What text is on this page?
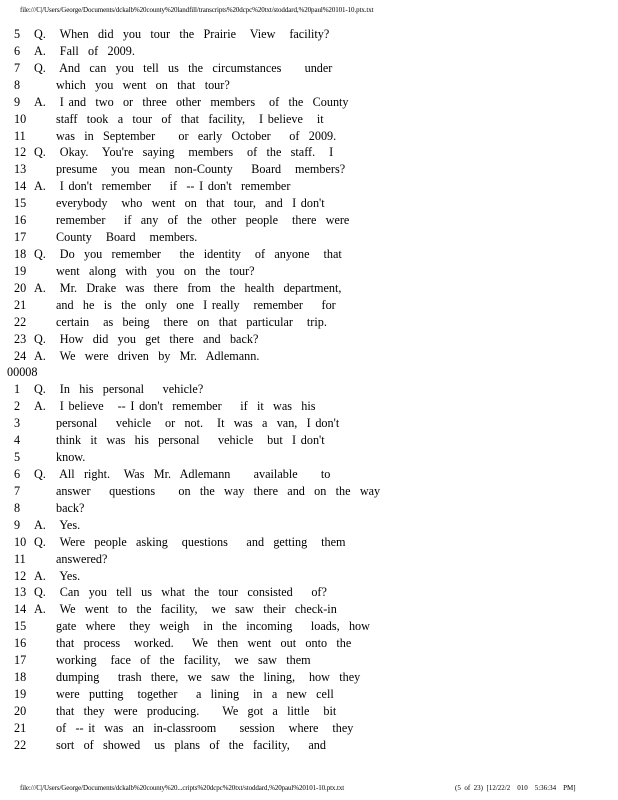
file:///C|/Users/George/Documents/dckalb%20county%20landfill/transcripts%20dcpc%20txt/stoddard,%20paul%20101-10.ptx.txt
5	Q.   When  did  you  tour  the  Prairie   View   facility?
6	A.   Fall  of  2009.
7	Q.   And  can  you  tell  us  the  circumstances     under
8	which  you  went  on  that  tour?
9	A.   I and  two  or  three  other  members   of  the  County
10	staff  took  a  tour  of  that  facility,   I believe   it
11	was  in  September     or  early  October    of  2009.
12 Q.   Okay.   You're  saying   members   of  the  staff.   I
13	presume   you  mean  non-County    Board   members?
14 A.   I don't  remember    if  -- I don't  remember
15	everybody   who  went  on  that  tour,  and  I don't
16	remember    if  any  of  the  other  people   there  were
17	County   Board   members.
18 Q.   Do  you  remember    the  identity   of  anyone   that
19	went  along  with  you  on  the  tour?
20 A.   Mr.  Drake  was  there  from  the  health  department,
21	and  he  is  the  only  one  I really   remember    for
22	certain   as  being   there  on  that  particular   trip.
23 Q.   How  did  you  get  there  and  back?
24 A.   We  were  driven  by  Mr.  Adlemann.
00008
1	Q.   In  his  personal    vehicle?
2	A.   I believe   -- I don't  remember    if  it  was  his
3	personal    vehicle   or  not.   It  was  a  van,  I don't
4	think  it  was  his  personal    vehicle   but  I don't
5	know.
6	Q.   All  right.   Was  Mr.  Adlemann     available     to
7	answer    questions     on  the  way  there  and  on  the  way
8	back?
9	A.   Yes.
10 Q.   Were  people  asking   questions    and  getting   them
11	answered?
12 A.   Yes.
13 Q.   Can  you  tell  us  what  the  tour  consisted    of?
14 A.   We  went  to  the  facility,   we  saw  their  check-in
15	gate  where   they  weigh   in  the  incoming    loads,  how
16	that  process   worked.    We  then  went  out  onto  the
17	working   face  of  the  facility,   we  saw  them
18	dumping    trash  there,  we  saw  the  lining,   how  they
19	were  putting   together    a  lining   in  a  new  cell
20	that  they  were  producing.     We  got  a  little   bit
21	of  -- it  was  an  in-classroom     session   where   they
22	sort  of  showed   us  plans  of  the  facility,    and
file:///C|/Users/George/Documents/dckalb%20county%20...cripts%20dcpc%20txt/stoddard,%20paul%20101-10.ptx.txt	(5  of  23)  [12/22/2    010    5:36:34    PM]
